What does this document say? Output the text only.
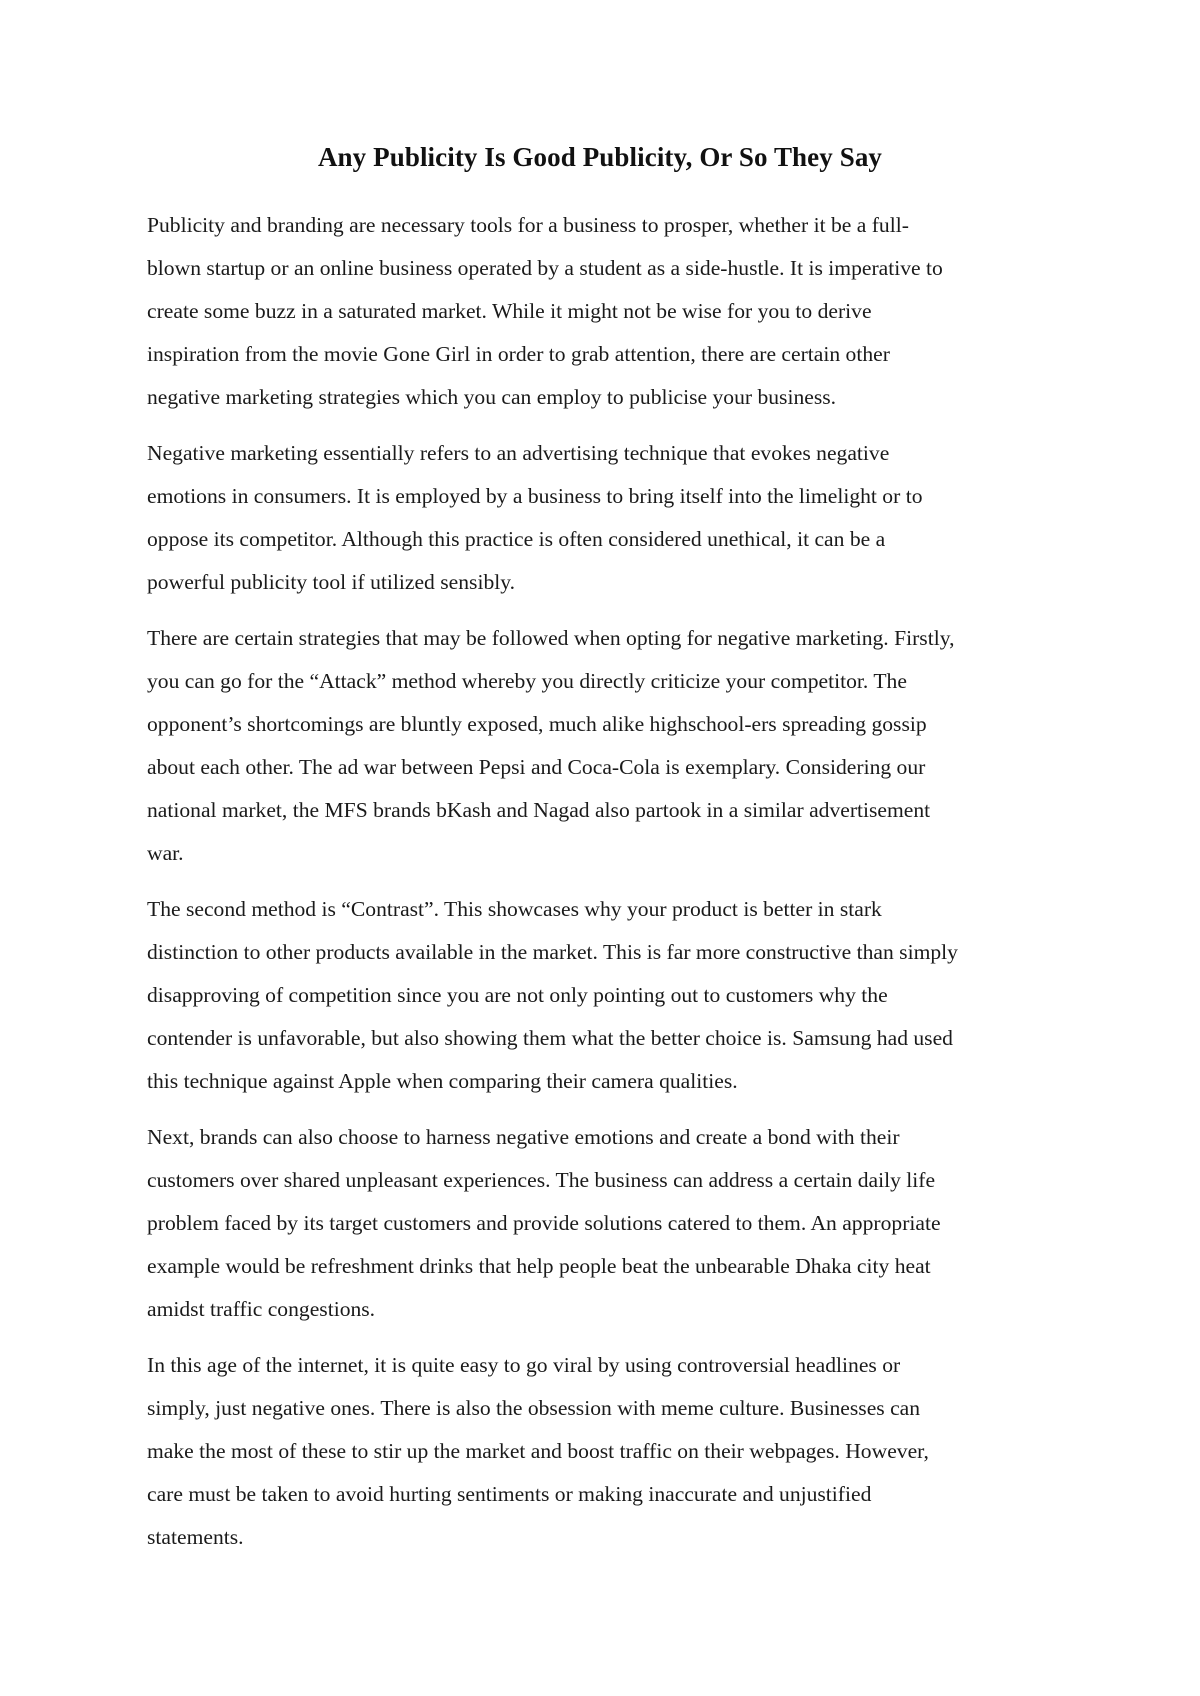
Any Publicity Is Good Publicity, Or So They Say

Publicity and branding are necessary tools for a business to prosper, whether it be a full-
blown startup or an online business operated by a student as a side-hustle. It is imperative to
create some buzz in a saturated market. While it might not be wise for you to derive
inspiration from the movie Gone Girl in order to grab attention, there are certain other
negative marketing strategies which you can employ to publicise your business.

Negative marketing essentially refers to an advertising technique that evokes negative
emotions in consumers. It is employed by a business to bring itself into the limelight or to
oppose its competitor. Although this practice is often considered unethical, it can be a
powerful publicity tool if utilized sensibly.

There are certain strategies that may be followed when opting for negative marketing. Firstly,
you can go for the “Attack” method whereby you directly criticize your competitor. The
opponent’s shortcomings are bluntly exposed, much alike highschool-ers spreading gossip
about each other. The ad war between Pepsi and Coca-Cola is exemplary. Considering our
national market, the MFS brands bKash and Nagad also partook in a similar advertisement
war.

The second method is “Contrast”. This showcases why your product is better in stark
distinction to other products available in the market. This is far more constructive than simply
disapproving of competition since you are not only pointing out to customers why the
contender is unfavorable, but also showing them what the better choice is. Samsung had used
this technique against Apple when comparing their camera qualities.

Next, brands can also choose to harness negative emotions and create a bond with their
customers over shared unpleasant experiences. The business can address a certain daily life
problem faced by its target customers and provide solutions catered to them. An appropriate
example would be refreshment drinks that help people beat the unbearable Dhaka city heat
amidst traffic congestions.

In this age of the internet, it is quite easy to go viral by using controversial headlines or
simply, just negative ones. There is also the obsession with meme culture. Businesses can
make the most of these to stir up the market and boost traffic on their webpages. However,
care must be taken to avoid hurting sentiments or making inaccurate and unjustified
statements.
